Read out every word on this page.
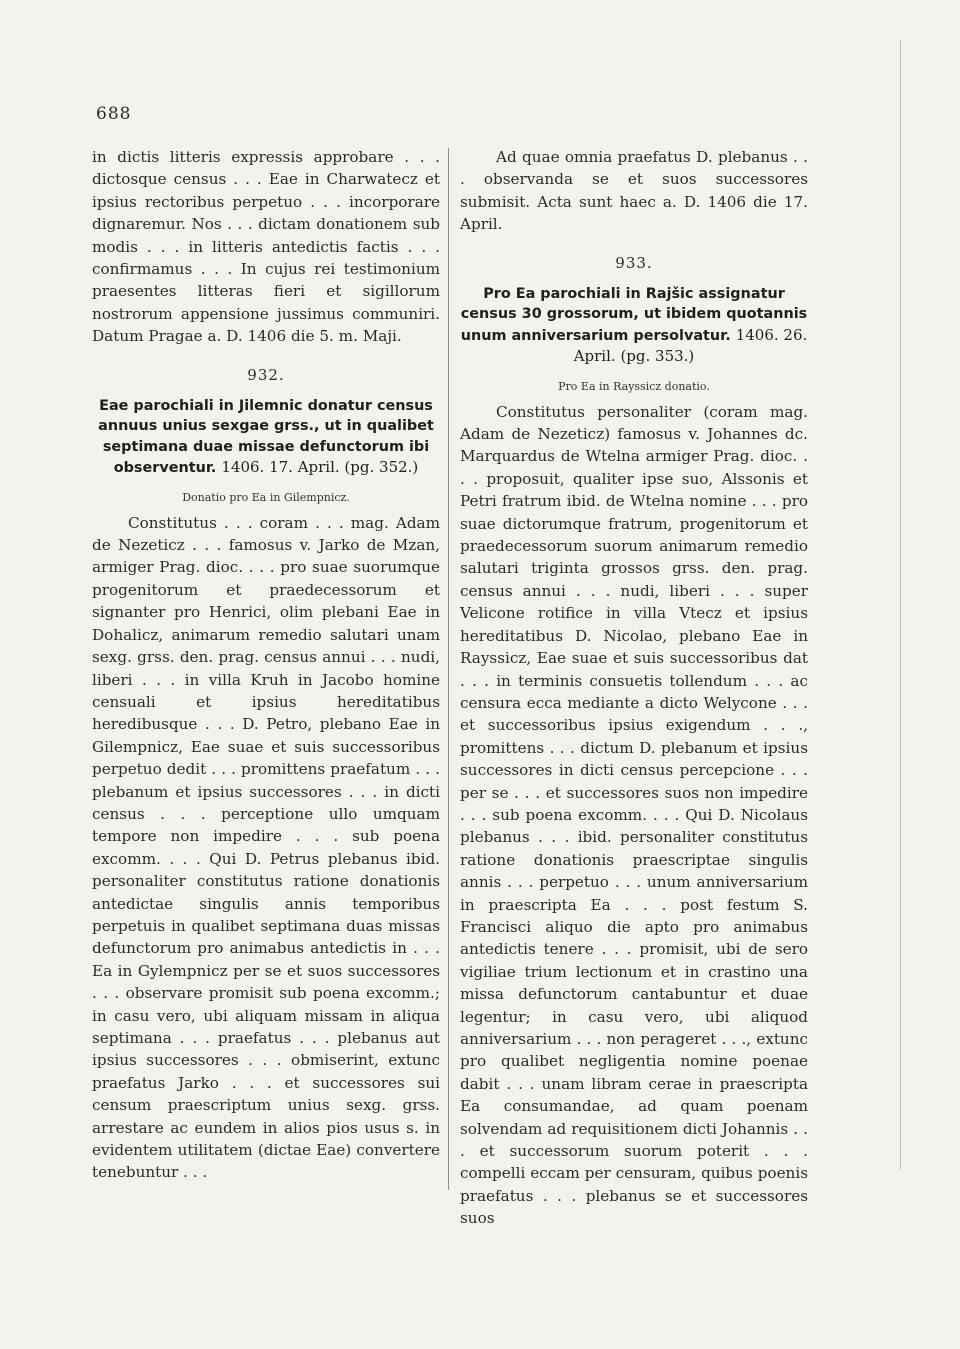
688

in dictis litteris expressis approbare . . . dictosque census . . . Eae in Charwatecz et ipsius rectoribus perpetuo . . . incorporare dignaremur. Nos . . . dictam donationem sub modis . . . in litteris antedictis factis . . . confirmamus . . . In cujus rei testimonium praesentes litteras fieri et sigillorum nostrorum appensione jussimus communiri. Datum Pragae a. D. 1406 die 5. m. Maji.

932.

Eae parochiali in Jilemnic donatur census annuus unius sexgae grss., ut in qualibet septimana duae missae defunctorum ibi observentur. 1406. 17. April. (pg. 352.)

Donatio pro Ea in Gilempnicz.

Constitutus . . . coram . . . mag. Adam de Nezeticz . . . famosus v. Jarko de Mzan, armiger Prag. dioc. . . . pro suae suorumque progenitorum et praedecessorum et signanter pro Henrici, olim plebani Eae in Dohalicz, animarum remedio salutari unam sexg. grss. den. prag. census annui . . . nudi, liberi . . . in villa Kruh in Jacobo homine censuali et ipsius hereditatibus heredibusque . . . D. Petro, plebano Eae in Gilempnicz, Eae suae et suis successoribus perpetuo dedit . . . promittens praefatum . . . plebanum et ipsius successores . . . in dicti census . . . perceptione ullo umquam tempore non impedire . . . sub poena excomm. . . . Qui D. Petrus plebanus ibid. personaliter constitutus ratione donationis antedictae singulis annis temporibus perpetuis in qualibet septimana duas missas defunctorum pro animabus antedictis in . . . Ea in Gylempnicz per se et suos successores . . . observare promisit sub poena excomm.; in casu vero, ubi aliquam missam in aliqua septimana . . . praefatus . . . plebanus aut ipsius successores . . . obmiserint, extunc praefatus Jarko . . . et successores sui censum praescriptum unius sexg. grss. arrestare ac eundem in alios pios usus s. in evidentem utilitatem (dictae Eae) convertere tenebuntur . . .

Ad quae omnia praefatus D. plebanus . . . observanda se et suos successores submisit. Acta sunt haec a. D. 1406 die 17. April.

933.

Pro Ea parochiali in Rajšic assignatur census 30 grossorum, ut ibidem quotannis unum anniversarium persolvatur. 1406. 26. April. (pg. 353.)

Pro Ea in Rayssicz donatio.

Constitutus personaliter (coram mag. Adam de Nezeticz) famosus v. Johannes dc. Marquardus de Wtelna armiger Prag. dioc. . . . proposuit, qualiter ipse suo, Alssonis et Petri fratrum ibid. de Wtelna nomine . . . pro suae dictorumque fratrum, progenitorum et praedecessorum suorum animarum remedio salutari triginta grossos grss. den. prag. census annui . . . nudi, liberi . . . super Velicone rotifice in villa Vtecz et ipsius hereditatibus D. Nicolao, plebano Eae in Rayssicz, Eae suae et suis successoribus dat . . . in terminis consuetis tollendum . . . ac censura ecca mediante a dicto Welycone . . . et successoribus ipsius exigendum . . ., promittens . . . dictum D. plebanum et ipsius successores in dicti census percepcione . . . per se . . . et successores suos non impedire . . . sub poena excomm. . . . Qui D. Nicolaus plebanus . . . ibid. personaliter constitutus ratione donationis praescriptae singulis annis . . . perpetuo . . . unum anniversarium in praescripta Ea . . . post festum S. Francisci aliquo die apto pro animabus antedictis tenere . . . promisit, ubi de sero vigiliae trium lectionum et in crastino una missa defunctorum cantabuntur et duae legentur; in casu vero, ubi aliquod anniversarium . . . non perageret . . ., extunc pro qualibet negligentia nomine poenae dabit . . . unam libram cerae in praescripta Ea consumandae, ad quam poenam solvendam ad requisitionem dicti Johannis . . . et successorum suorum poterit . . . compelli eccam per censuram, quibus poenis praefatus . . . plebanus se et successores suos
